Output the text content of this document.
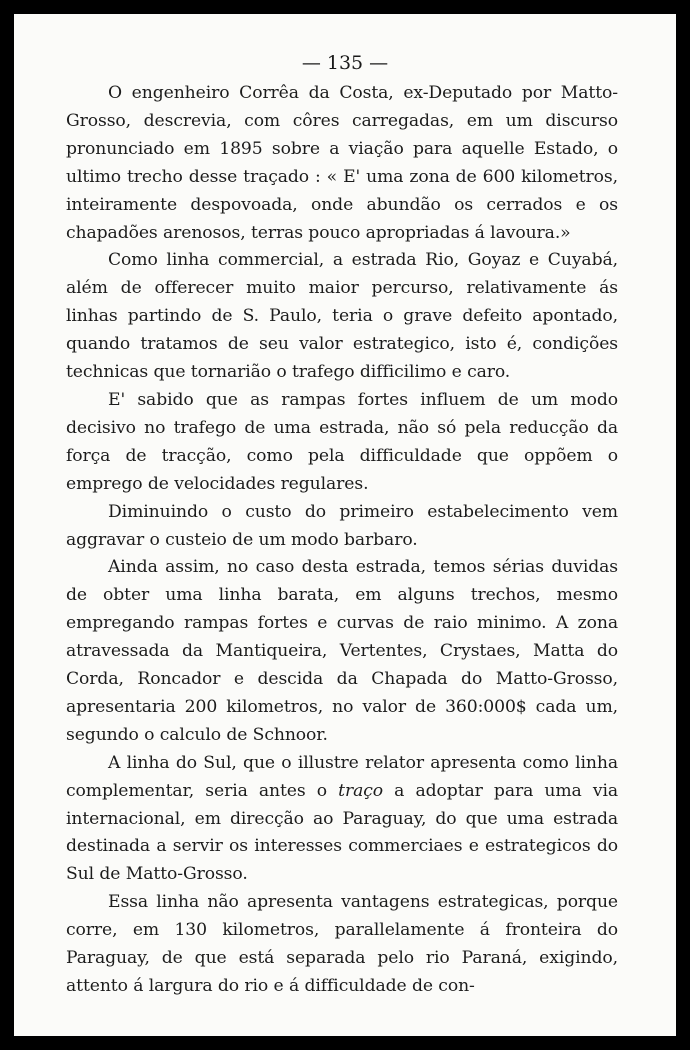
— 135 —

O engenheiro Corrêa da Costa, ex-Deputado por Matto-Grosso, descrevia, com côres carregadas, em um discurso pronunciado em 1895 sobre a viação para aquelle Estado, o ultimo trecho desse traçado : « E' uma zona de 600 kilometros, inteiramente despovoada, onde abundão os cerrados e os chapadões arenosos, terras pouco apropriadas á lavoura.»

Como linha commercial, a estrada Rio, Goyaz e Cuyabá, além de offerecer muito maior percurso, relativamente ás linhas partindo de S. Paulo, teria o grave defeito apontado, quando tratamos de seu valor estrategico, isto é, condições technicas que tornarião o trafego difficilimo e caro.

E' sabido que as rampas fortes influem de um modo decisivo no trafego de uma estrada, não só pela reducção da força de tracção, como pela difficuldade que oppõem o emprego de velocidades regulares.

Diminuindo o custo do primeiro estabelecimento vem aggravar o custeio de um modo barbaro.

Ainda assim, no caso desta estrada, temos sérias duvidas de obter uma linha barata, em alguns trechos, mesmo empregando rampas fortes e curvas de raio minimo. A zona atravessada da Mantiqueira, Vertentes, Crystaes, Matta do Corda, Roncador e descida da Chapada do Matto-Grosso, apresentaria 200 kilometros, no valor de 360:000$ cada um, segundo o calculo de Schnoor.

A linha do Sul, que o illustre relator apresenta como linha complementar, seria antes o traço a adoptar para uma via internacional, em direcção ao Paraguay, do que uma estrada destinada a servir os interesses commerciaes e estrategicos do Sul de Matto-Grosso.

Essa linha não apresenta vantagens estrategicas, porque corre, em 130 kilometros, parallelamente á fronteira do Paraguay, de que está separada pelo rio Paraná, exigindo, attento á largura do rio e á difficuldade de con-
